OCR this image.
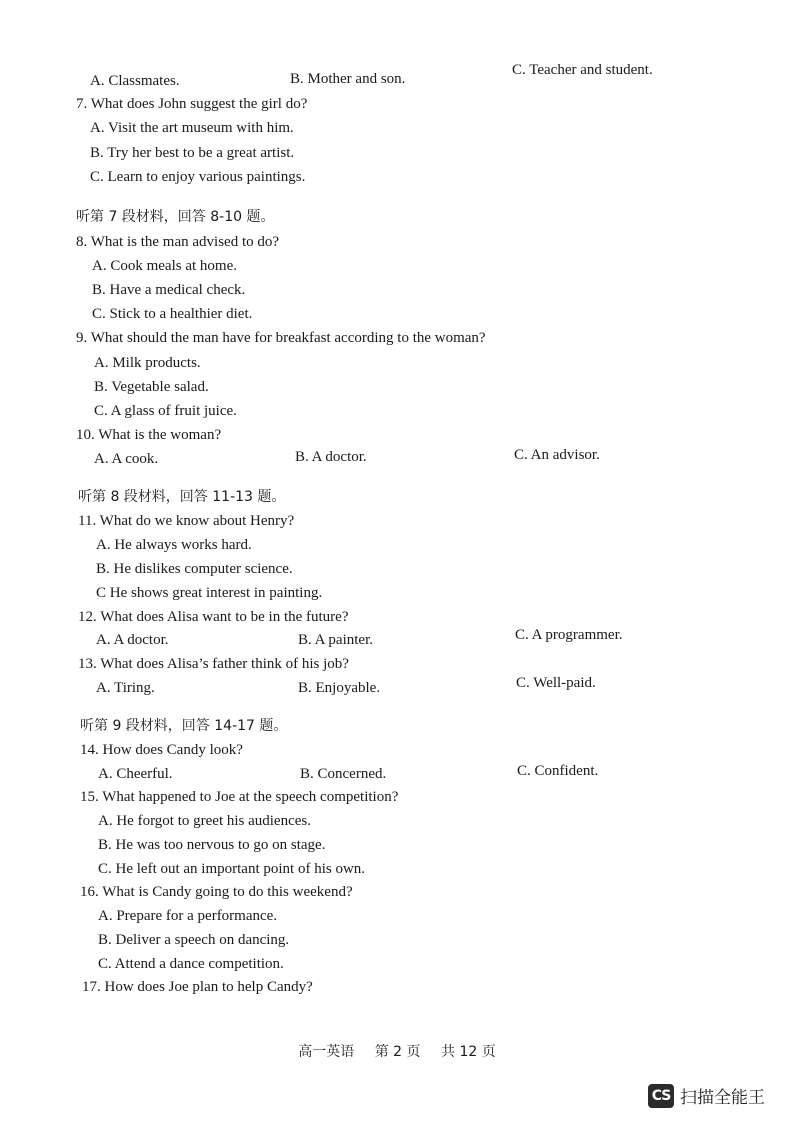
A. Classmates.	B. Mother and son.
C. Teacher and student.
7. What does John suggest the girl do?
A. Visit the art museum with him.
B. Try her best to be a great artist.
C. Learn to enjoy various paintings.
听第 7 段材料，回答 8-10 题。
8. What is the man advised to do?
A. Cook meals at home.
B. Have a medical check.
C. Stick to a healthier diet.
9. What should the man have for breakfast according to the woman?
A. Milk products.
B. Vegetable salad.
C. A glass of fruit juice.
10. What is the woman?
A. A cook.	B. A doctor.	C. An advisor.
听第 8 段材料，回答 11-13 题。
11. What do we know about Henry?
A. He always works hard.
B. He dislikes computer science.
C He shows great interest in painting.
12. What does Alisa want to be in the future?
A. A doctor.	B. A painter.	C. A programmer.
13. What does Alisa’s father think of his job?
A. Tiring.	B. Enjoyable.	C. Well-paid.
听第 9 段材料，回答 14-17 题。
14. How does Candy look?
A. Cheerful.	B. Concerned.	C. Confident.
15. What happened to Joe at the speech competition?
A. He forgot to greet his audiences.
B. He was too nervous to go on stage.
C. He left out an important point of his own.
16. What is Candy going to do this weekend?
A. Prepare for a performance.
B. Deliver a speech on dancing.
C. Attend a dance competition.
17. How does Joe plan to help Candy?
高一英语 第 2 页 共 12 页
CS 扫描全能王
